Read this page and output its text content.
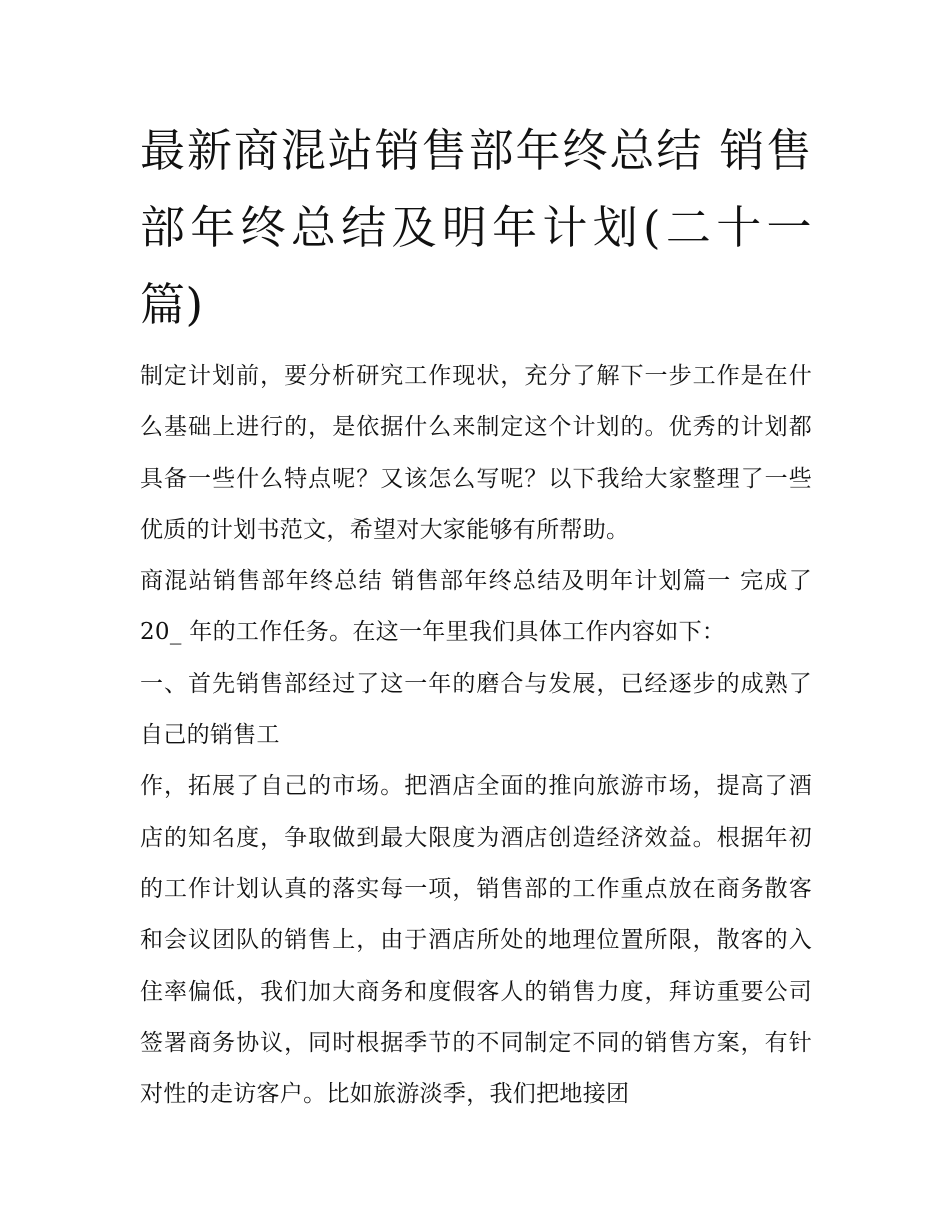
最新商混站销售部年终总结 销售部年终总结及明年计划(二十一篇)

制定计划前，要分析研究工作现状，充分了解下一步工作是在什么基础上进行的，是依据什么来制定这个计划的。优秀的计划都具备一些什么特点呢？又该怎么写呢？以下我给大家整理了一些优质的计划书范文，希望对大家能够有所帮助。

商混站销售部年终总结 销售部年终总结及明年计划篇一 完成了 20_ 年的工作任务。在这一年里我们具体工作内容如下：

一、首先销售部经过了这一年的磨合与发展，已经逐步的成熟了自己的销售工

作，拓展了自己的市场。把酒店全面的推向旅游市场，提高了酒店的知名度，争取做到最大限度为酒店创造经济效益。根据年初的工作计划认真的落实每一项，销售部的工作重点放在商务散客和会议团队的销售上，由于酒店所处的地理位置所限，散客的入住率偏低，我们加大商务和度假客人的销售力度，拜访重要公司签署商务协议，同时根据季节的不同制定不同的销售方案，有针对性的走访客户。比如旅游淡季，我们把地接团
